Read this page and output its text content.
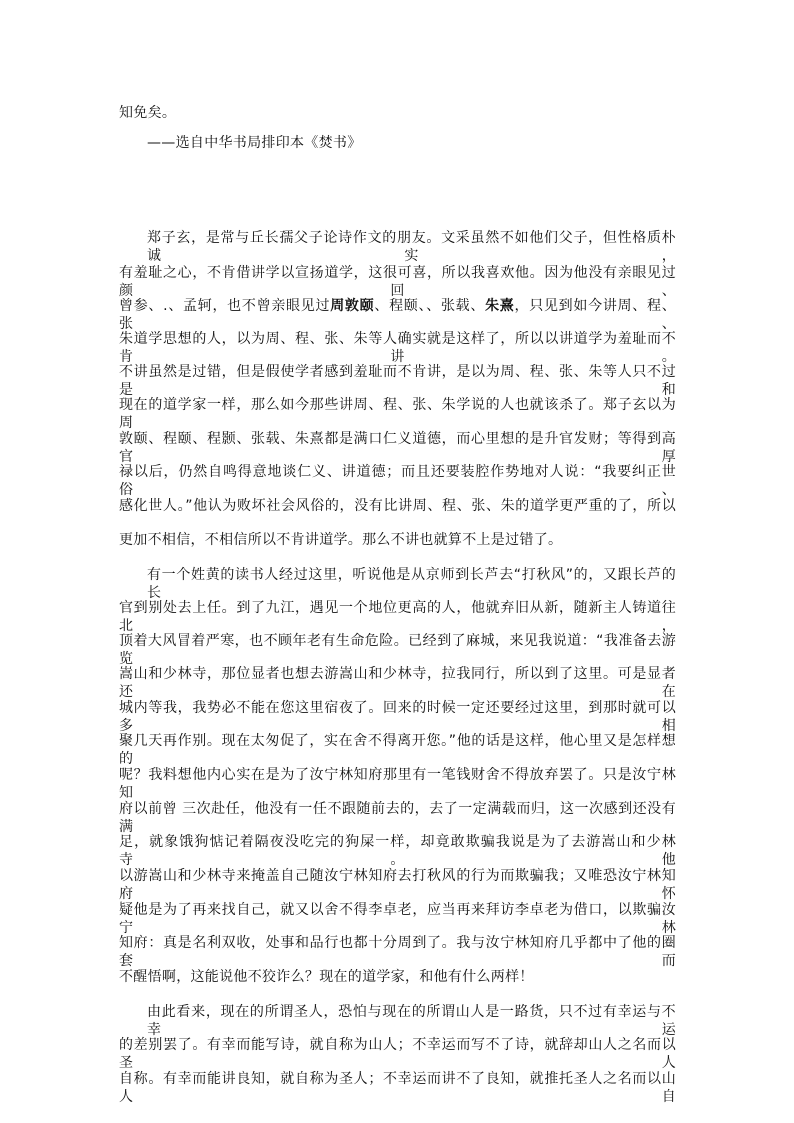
知免矣。
——选自中华书局排印本《焚书》
郑子玄，是常与丘长孺父子论诗作文的朋友。文采虽然不如他们父子，但性格质朴诚实，
有羞耻之心，不肯借讲学以宣扬道学，这很可喜，所以我喜欢他。因为他没有亲眼见过颜回、
曾参、.、孟轲，也不曾亲眼见过周敦颐、程颐、、张载、朱熹，只见到如今讲周、程、张、
朱道学思想的人，以为周、程、张、朱等人确实就是这样了，所以以讲道学为羞耻而不肯讲。
不讲虽然是过错，但是假使学者感到羞耻而不肯讲，是以为周、程、张、朱等人只不过是和
现在的道学家一样，那么如今那些讲周、程、张、朱学说的人也就该杀了。郑子玄以为周
敦颐、程颐、程颢、张载、朱熹都是满口仁义道德，而心里想的是升官发财；等得到高官厚
禄以后，仍然自鸣得意地谈仁义、讲道德；而且还要装腔作势地对人说：“我要纠正世俗、
感化世人。”他认为败坏社会风俗的，没有比讲周、程、张、朱的道学更严重的了，所以
更加不相信，不相信所以不肯讲道学。那么不讲也就算不上是过错了。
有一个姓黄的读书人经过这里，听说他是从京师到长芦去“打秋风”的，又跟长芦的长
官到别处去上任。到了九江，遇见一个地位更高的人，他就弃旧从新，随新主人铸道往北，
顶着大风冒着严寒，也不顾年老有生命危险。已经到了麻城，来见我说道：“我准备去游览
嵩山和少林寺，那位显者也想去游嵩山和少林寺，拉我同行，所以到了这里。可是显者还在
城内等我，我势必不能在您这里宿夜了。回来的时候一定还要经过这里，到那时就可以多相
聚几天再作别。现在太匆促了，实在舍不得离开您。”他的话是这样，他心里又是怎样想的
呢？我料想他内心实在是为了汝宁林知府那里有一笔钱财舍不得放弃罢了。只是汝宁林知
府以前曾 三次赴任，他没有一任不跟随前去的，去了一定满载而归，这一次感到还没有满
足，就象饿狗惦记着隔夜没吃完的狗屎一样，却竟敢欺骗我说是为了去游嵩山和少林寺。他
以游嵩山和少林寺来掩盖自己随汝宁林知府去打秋风的行为而欺骗我；又唯恐汝宁林知府怀
疑他是为了再来找自己，就又以舍不得李卓老，应当再来拜访李卓老为借口，以欺骗汝宁林
知府：真是名利双收，处事和品行也都十分周到了。我与汝宁林知府几乎都中了他的圈套而
不醒悟啊，这能说他不狡诈么？现在的道学家，和他有什么两样！
由此看来，现在的所谓圣人，恐怕与现在的所谓山人是一路货，只不过有幸运与不幸运
的差别罢了。有幸而能写诗，就自称为山人；不幸运而写不了诗，就辞却山人之名而以圣人
自称。有幸而能讲良知，就自称为圣人；不幸运而讲不了良知，就推托圣人之名而以山人自
